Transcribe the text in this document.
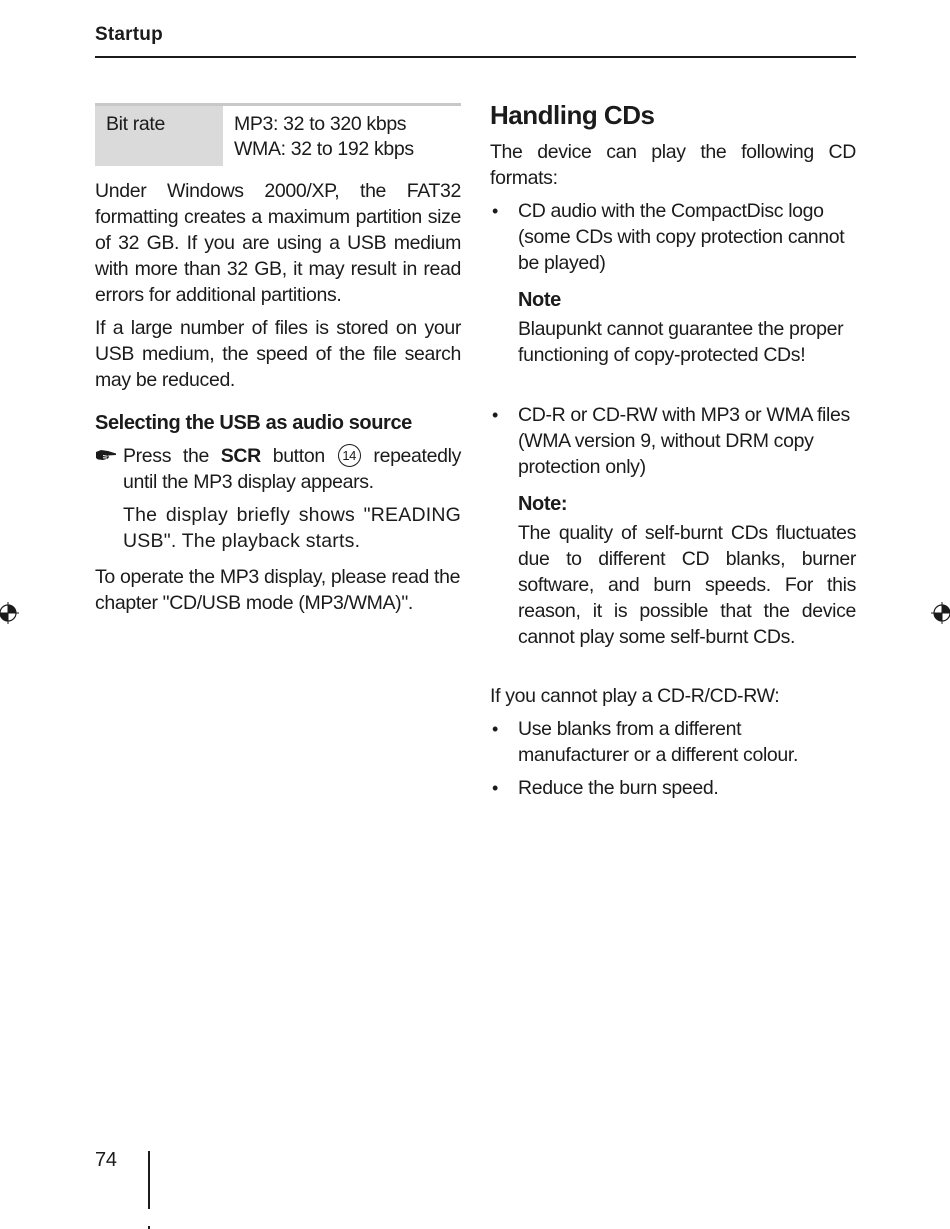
Startup
Bit rate	MP3: 32 to 320 kbps
WMA: 32 to 192 kbps

Under Windows 2000/XP, the FAT32 formatting creates a maximum partition size of 32 GB. If you are using a USB medium with more than 32 GB, it may result in read errors for additional partitions.

If a large number of files is stored on your USB medium, the speed of the file search may be reduced.

Selecting the USB as audio source
Press the SCR button 14 repeatedly until the MP3 display appears.

The display briefly shows "READING USB". The playback starts.

To operate the MP3 display, please read the chapter "CD/USB mode (MP3/WMA)".

Handling CDs

The device can play the following CD formats:

• CD audio with the CompactDisc logo (some CDs with copy protection cannot be played)
Note

Blaupunkt cannot guarantee the proper functioning of copy-protected CDs!

• CD-R or CD-RW with MP3 or WMA files (WMA version 9, without DRM copy protection only)
Note:

The quality of self-burnt CDs fluctuates due to different CD blanks, burner software, and burn speeds. For this reason, it is possible that the device cannot play some self-burnt CDs.

If you cannot play a CD-R/CD-RW:

• Use blanks from a different manufacturer or a different colour.
• Reduce the burn speed.
74
